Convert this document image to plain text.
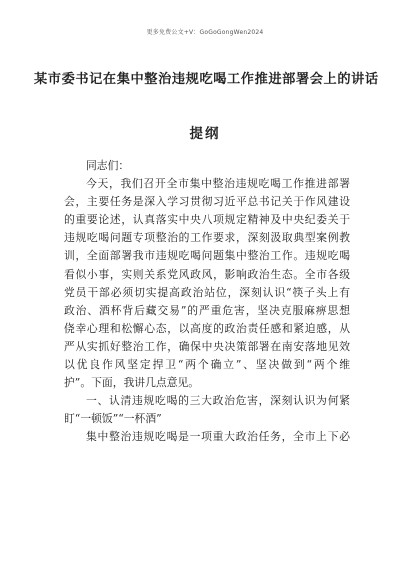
更多免费公文+V：GoGoGongWen2024
某市委书记在集中整治违规吃喝工作推进部署会上的讲话
提纲

同志们：

今天，我们召开全市集中整治违规吃喝工作推进部署
会，主要任务是深入学习贯彻习近平总书记关于作风建设
的重要论述，认真落实中央八项规定精神及中央纪委关于
违规吃喝问题专项整治的工作要求，深刻汲取典型案例教
训，全面部署我市违规吃喝问题集中整治工作。违规吃喝
看似小事，实则关系党风政风，影响政治生态。全市各级
党员干部必须切实提高政治站位，深刻认识“筷子头上有
政治、酒杯背后藏交易”的严重危害，坚决克服麻痹思想
侥幸心理和松懈心态，以高度的政治责任感和紧迫感，从
严从实抓好整治工作，确保中央决策部署在南安落地见效
以优良作风坚定捍卫“两个确立”、坚决做到“两个维
护”。下面，我讲几点意见。

一、认清违规吃喝的三大政治危害，深刻认识为何紧
盯“一顿饭”“一杯酒”

集中整治违规吃喝是一项重大政治任务，全市上下必
